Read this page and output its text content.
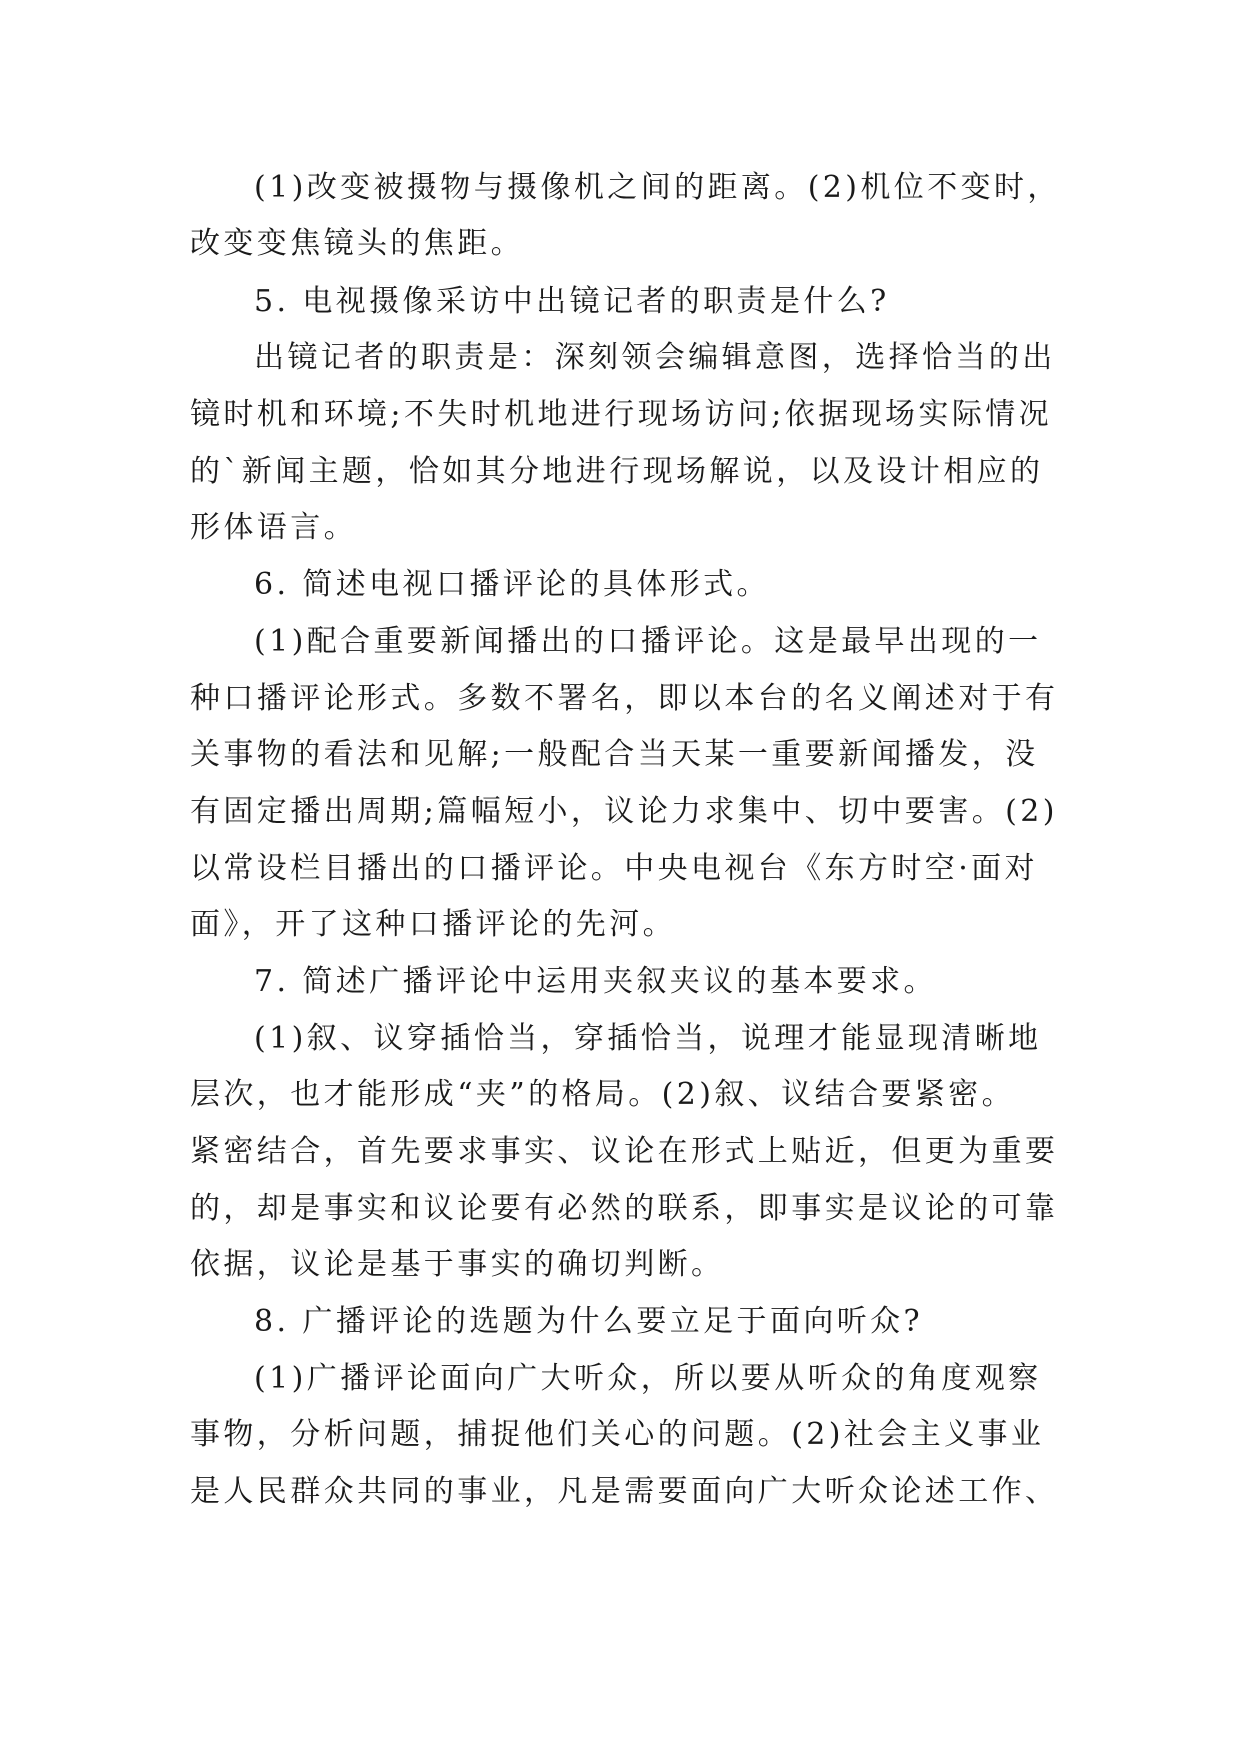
(1)改变被摄物与摄像机之间的距离。(2)机位不变时，
改变变焦镜头的焦距。
5. 电视摄像采访中出镜记者的职责是什么?
出镜记者的职责是：深刻领会编辑意图，选择恰当的出
镜时机和环境;不失时机地进行现场访问;依据现场实际情况
的`新闻主题，恰如其分地进行现场解说，以及设计相应的
形体语言。
6. 简述电视口播评论的具体形式。
(1)配合重要新闻播出的口播评论。这是最早出现的一
种口播评论形式。多数不署名，即以本台的名义阐述对于有
关事物的看法和见解;一般配合当天某一重要新闻播发，没
有固定播出周期;篇幅短小，议论力求集中、切中要害。(2)
以常设栏目播出的口播评论。中央电视台《东方时空·面对
面》，开了这种口播评论的先河。
7. 简述广播评论中运用夹叙夹议的基本要求。
(1)叙、议穿插恰当，穿插恰当，说理才能显现清晰地
层次，也才能形成“夹”的格局。(2)叙、议结合要紧密。
紧密结合，首先要求事实、议论在形式上贴近，但更为重要
的，却是事实和议论要有必然的联系，即事实是议论的可靠
依据，议论是基于事实的确切判断。
8. 广播评论的选题为什么要立足于面向听众?
(1)广播评论面向广大听众，所以要从听众的角度观察
事物，分析问题，捕捉他们关心的问题。(2)社会主义事业
是人民群众共同的事业，凡是需要面向广大听众论述工作、
